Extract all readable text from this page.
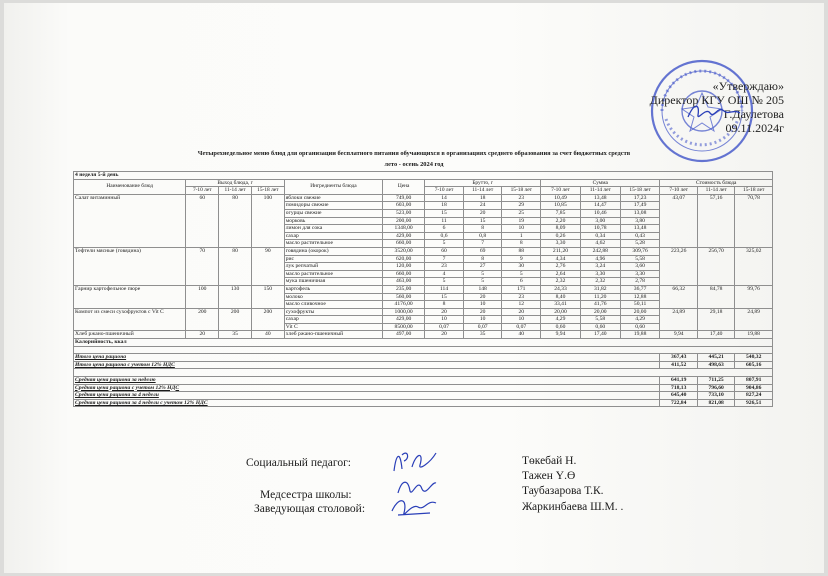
«Утверждаю»
Директор КГУ ОШ № 205
Г.Даулетова
09.11.2024г
Четырехнедельное меню блюд для организации бесплатного питания обучающихся в организациях среднего образования за счет бюджетных средств
лето - осень 2024 год
4 неделя 5-й день														
Наименование блюд	Выход блюда, г			Ингредиенты блюда	Цена	Брутто, г			Сумма			Стоимость блюда		
	7-10 лет	11-14 лет	15-18 лет			7-10 лет	11-14 лет	15-18 лет	7-10 лет	11-14 лет	15-18 лет	7-10 лет	11-14 лет	15-18 лет
Салат витаминный	60	80	100	яблоки свежие	749,00	14	18	23	10,49	13,48	17,23	43,07	57,16	70,78
				помидоры свежие	603,00	18	24	29	10,85	14,47	17,49			
				огурцы свежие	523,00	15	20	25	7,85	10,46	13,08			
				морковь	200,00	11	15	19	2,20	3,00	3,80			
				лимон для сока	1348,00	6	8	10	8,09	10,78	13,48			
				сахар	429,00	0,6	0,8	1	0,26	0,34	0,43			
				масло растительное	660,00	5	7	8	3,30	4,62	5,28			
Тефтели мясные (говядина)	70	80	90	говядина (окорок)	3520,00	60	69	88	211,20	242,88	309,76	223,26	256,70	325,02
				рис	620,00	7	8	9	4,34	4,96	5,58			
				лук репчатый	120,00	23	27	30	2,76	3,24	3,60			
				масло растительное	660,00	4	5	5	2,64	3,30	3,30			
				мука пшеничная	463,00	5	5	6	2,32	2,32	2,78			
Гарнир картофельное пюре	100	130	150	картофель	235,00	114	148	171	24,33	31,82	36,77	66,32	84,78	99,76
				молоко	560,00	15	20	23	8,40	11,20	12,88			
				масло сливочное	4176,00	8	10	12	33,41	41,76	50,11			
Компот из смеси сухофруктов с Vit C	200	200	200	сухофрукты	1000,00	20	20	20	20,00	20,00	20,00	24,89	29,18	24,89
				сахар	429,00	10	10	10	4,29	5,58	4,29			
				Vit C	8500,00	0,07	0,07	0,07	0,60	0,60	0,60			
Хлеб ржано-пшеничный	20	35	40	хлеб ржано-пшеничный	497,00	20	35	40	9,94	17,40	19,88	9,94	17,40	19,88
Калорийность, ккал														

Итого цена рациона												367,43	445,21	540,32
Итого цена рациона с учетом 12% НДС												411,52	498,63	605,16

Средняя цена рациона за неделю												641,19	711,25	807,91
Средняя цена рациона с учетом 12% НДС												718,13	796,60	904,86
Средняя цена рациона за 4 недели												645,40	733,10	827,24
Средняя цена рациона за 4 недели с учетом 12% НДС												722,84	821,08	926,51
Социальный педагог:	Төкебай Н.
Тажен Ү.Ө
Медсестра школы:	Таубазарова Т.К.
Заведующая столовой:	Жаркинбаева Ш.М. .
